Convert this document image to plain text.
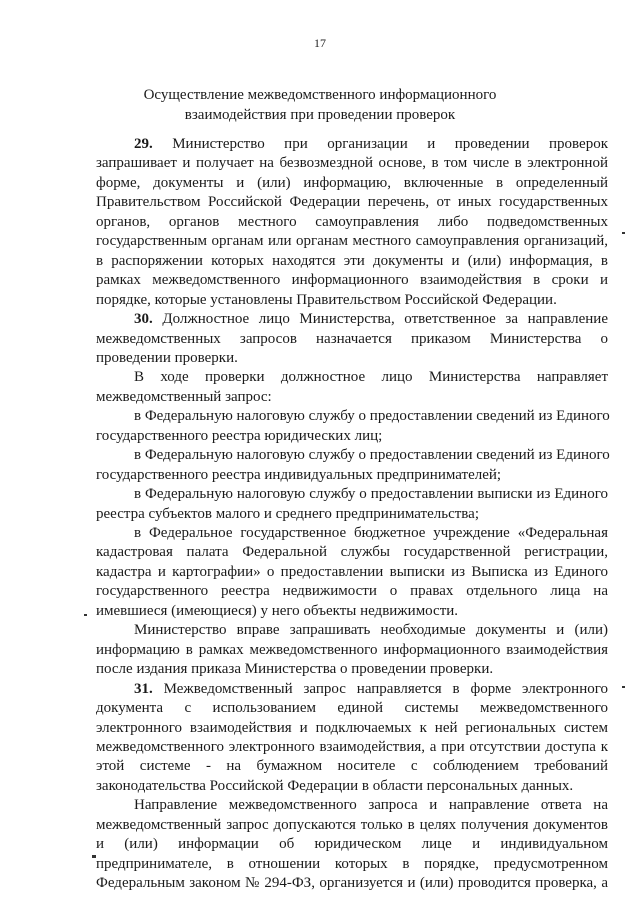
17
Осуществление межведомственного информационного
взаимодействия при проведении проверок
29. Министерство при организации и проведении проверок
запрашивает и получает на безвозмездной основе, в том числе в электронной
форме, документы и (или) информацию, включенные в определенный
Правительством Российской Федерации перечень, от иных государственных
органов, органов местного самоуправления либо подведомственных
государственным органам или органам местного самоуправления организаций,
в распоряжении которых находятся эти документы и (или) информация, в
рамках межведомственного информационного взаимодействия в сроки и
порядке, которые установлены Правительством Российской Федерации.
30. Должностное лицо Министерства, ответственное за направление
межведомственных запросов назначается приказом Министерства о
проведении проверки.
В ходе проверки должностное лицо Министерства направляет
межведомственный запрос:
в Федеральную налоговую службу о предоставлении сведений из Единого
государственного реестра юридических лиц;
в Федеральную налоговую службу о предоставлении сведений из Единого
государственного реестра индивидуальных предпринимателей;
в Федеральную налоговую службу о предоставлении выписки из Единого
реестра субъектов малого и среднего предпринимательства;
в Федеральное государственное бюджетное учреждение «Федеральная
кадастровая палата Федеральной службы государственной регистрации,
кадастра и картографии» о предоставлении выписки из Выписка из Единого
государственного реестра недвижимости о правах отдельного лица на
имевшиеся (имеющиеся) у него объекты недвижимости.
Министерство вправе запрашивать необходимые документы и (или)
информацию в рамках межведомственного информационного взаимодействия
после издания приказа Министерства о проведении проверки.
31. Межведомственный запрос направляется в форме электронного
документа с использованием единой системы межведомственного
электронного взаимодействия и подключаемых к ней региональных систем
межведомственного электронного взаимодействия, а при отсутствии доступа к
этой системе - на бумажном носителе с соблюдением требований
законодательства Российской Федерации в области персональных данных.
Направление межведомственного запроса и направление ответа на
межведомственный запрос допускаются только в целях получения документов
и (или) информации об юридическом лице и индивидуальном
предпринимателе, в отношении которых в порядке, предусмотренном
Федеральным законом № 294-ФЗ, организуется и (или) проводится проверка, а
